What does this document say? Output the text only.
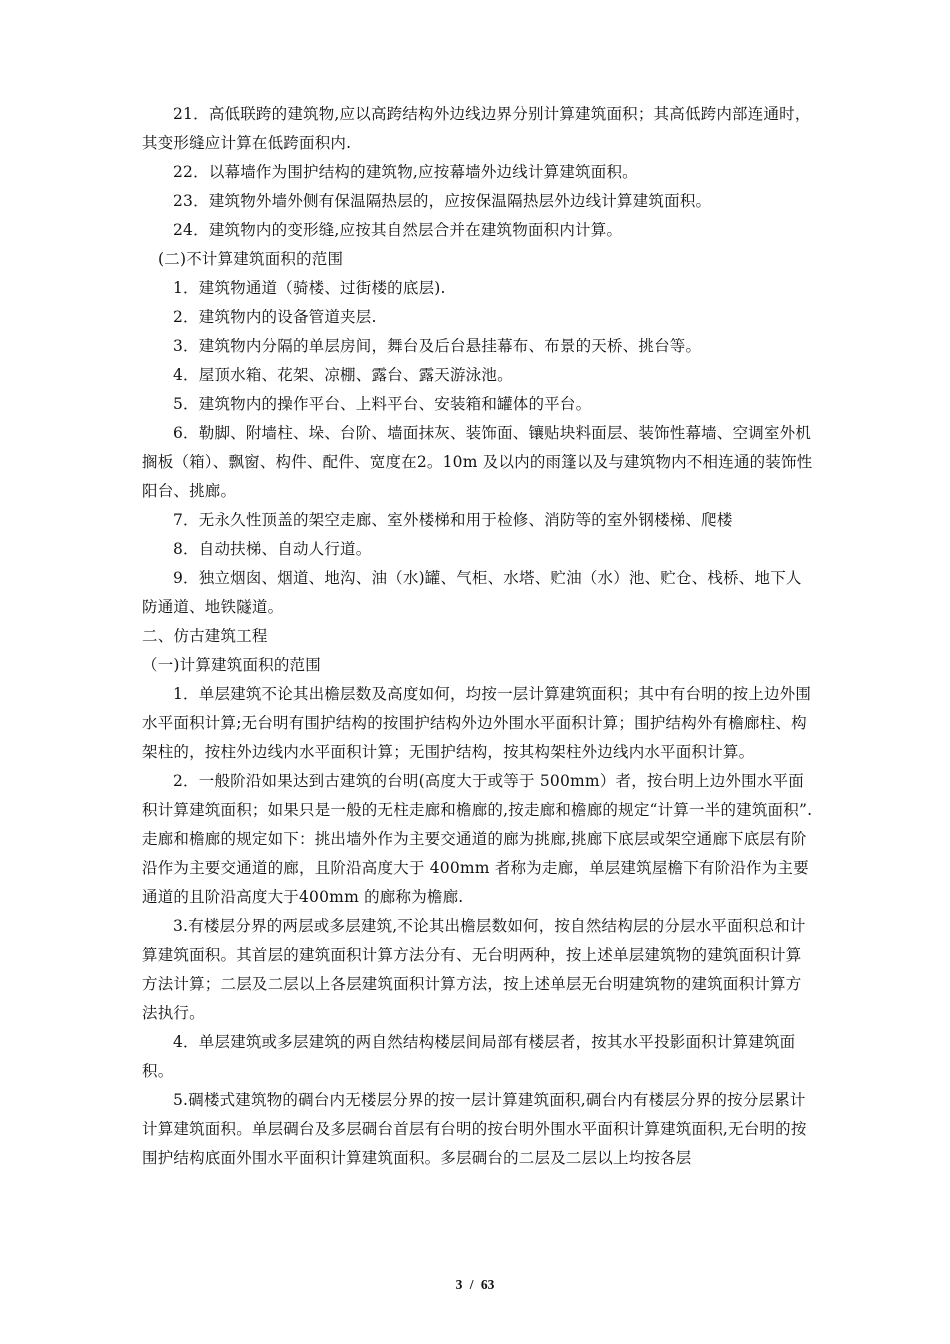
21．高低联跨的建筑物,应以高跨结构外边线边界分别计算建筑面积；其高低跨内部连通时，其变形缝应计算在低跨面积内.

22．以幕墙作为围护结构的建筑物,应按幕墙外边线计算建筑面积。

23．建筑物外墙外侧有保温隔热层的，应按保温隔热层外边线计算建筑面积。

24．建筑物内的变形缝,应按其自然层合并在建筑物面积内计算。

(二)不计算建筑面积的范围

1．建筑物通道（骑楼、过街楼的底层).

2．建筑物内的设备管道夹层.

3．建筑物内分隔的单层房间，舞台及后台悬挂幕布、布景的天桥、挑台等。

4．屋顶水箱、花架、凉棚、露台、露天游泳池。

5．建筑物内的操作平台、上料平台、安装箱和罐体的平台。

6．勒脚、附墙柱、垛、台阶、墙面抹灰、装饰面、镶贴块料面层、装饰性幕墙、空调室外机搁板（箱）、飘窗、构件、配件、宽度在2。10m 及以内的雨篷以及与建筑物内不相连通的装饰性阳台、挑廊。

7．无永久性顶盖的架空走廊、室外楼梯和用于检修、消防等的室外钢楼梯、爬楼

8．自动扶梯、自动人行道。

9．独立烟囱、烟道、地沟、油（水)罐、气柜、水塔、贮油（水）池、贮仓、栈桥、地下人防通道、地铁隧道。

二、仿古建筑工程

（一)计算建筑面积的范围

1．单层建筑不论其出檐层数及高度如何，均按一层计算建筑面积；其中有台明的按上边外围水平面积计算;无台明有围护结构的按围护结构外边外围水平面积计算；围护结构外有檐廊柱、构架柱的，按柱外边线内水平面积计算；无围护结构，按其构架柱外边线内水平面积计算。

2．一般阶沿如果达到古建筑的台明(高度大于或等于 500mm）者，按台明上边外围水平面积计算建筑面积；如果只是一般的无柱走廊和檐廊的,按走廊和檐廊的规定“计算一半的建筑面积”.走廊和檐廊的规定如下：挑出墙外作为主要交通道的廊为挑廊,挑廊下底层或架空通廊下底层有阶沿作为主要交通道的廊，且阶沿高度大于 400mm 者称为走廊，单层建筑屋檐下有阶沿作为主要通道的且阶沿高度大于400mm 的廊称为檐廊.

3.有楼层分界的两层或多层建筑,不论其出檐层数如何，按自然结构层的分层水平面积总和计算建筑面积。其首层的建筑面积计算方法分有、无台明两种，按上述单层建筑物的建筑面积计算方法计算；二层及二层以上各层建筑面积计算方法，按上述单层无台明建筑物的建筑面积计算方法执行。

4．单层建筑或多层建筑的两自然结构楼层间局部有楼层者，按其水平投影面积计算建筑面积。

5.碉楼式建筑物的碉台内无楼层分界的按一层计算建筑面积,碉台内有楼层分界的按分层累计计算建筑面积。单层碉台及多层碉台首层有台明的按台明外围水平面积计算建筑面积,无台明的按围护结构底面外围水平面积计算建筑面积。多层碉台的二层及二层以上均按各层

3 / 63
